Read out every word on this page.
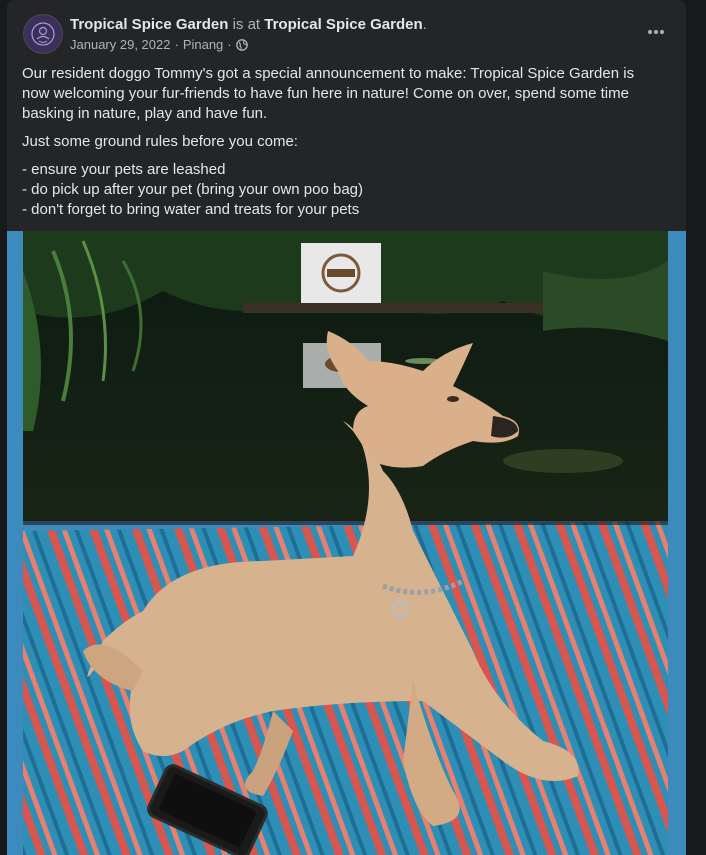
Tropical Spice Garden is at Tropical Spice Garden.
January 29, 2022 · Pinang ·

Our resident doggo Tommy's got a special announcement to make: Tropical Spice Garden is now welcoming your fur-friends to have fun here in nature! Come on over, spend some time basking in nature, play and have fun.

Just some ground rules before you come:

- ensure your pets are leashed
- do pick up after your pet (bring your own poo bag)
- don't forget to bring water and treats for your pets
